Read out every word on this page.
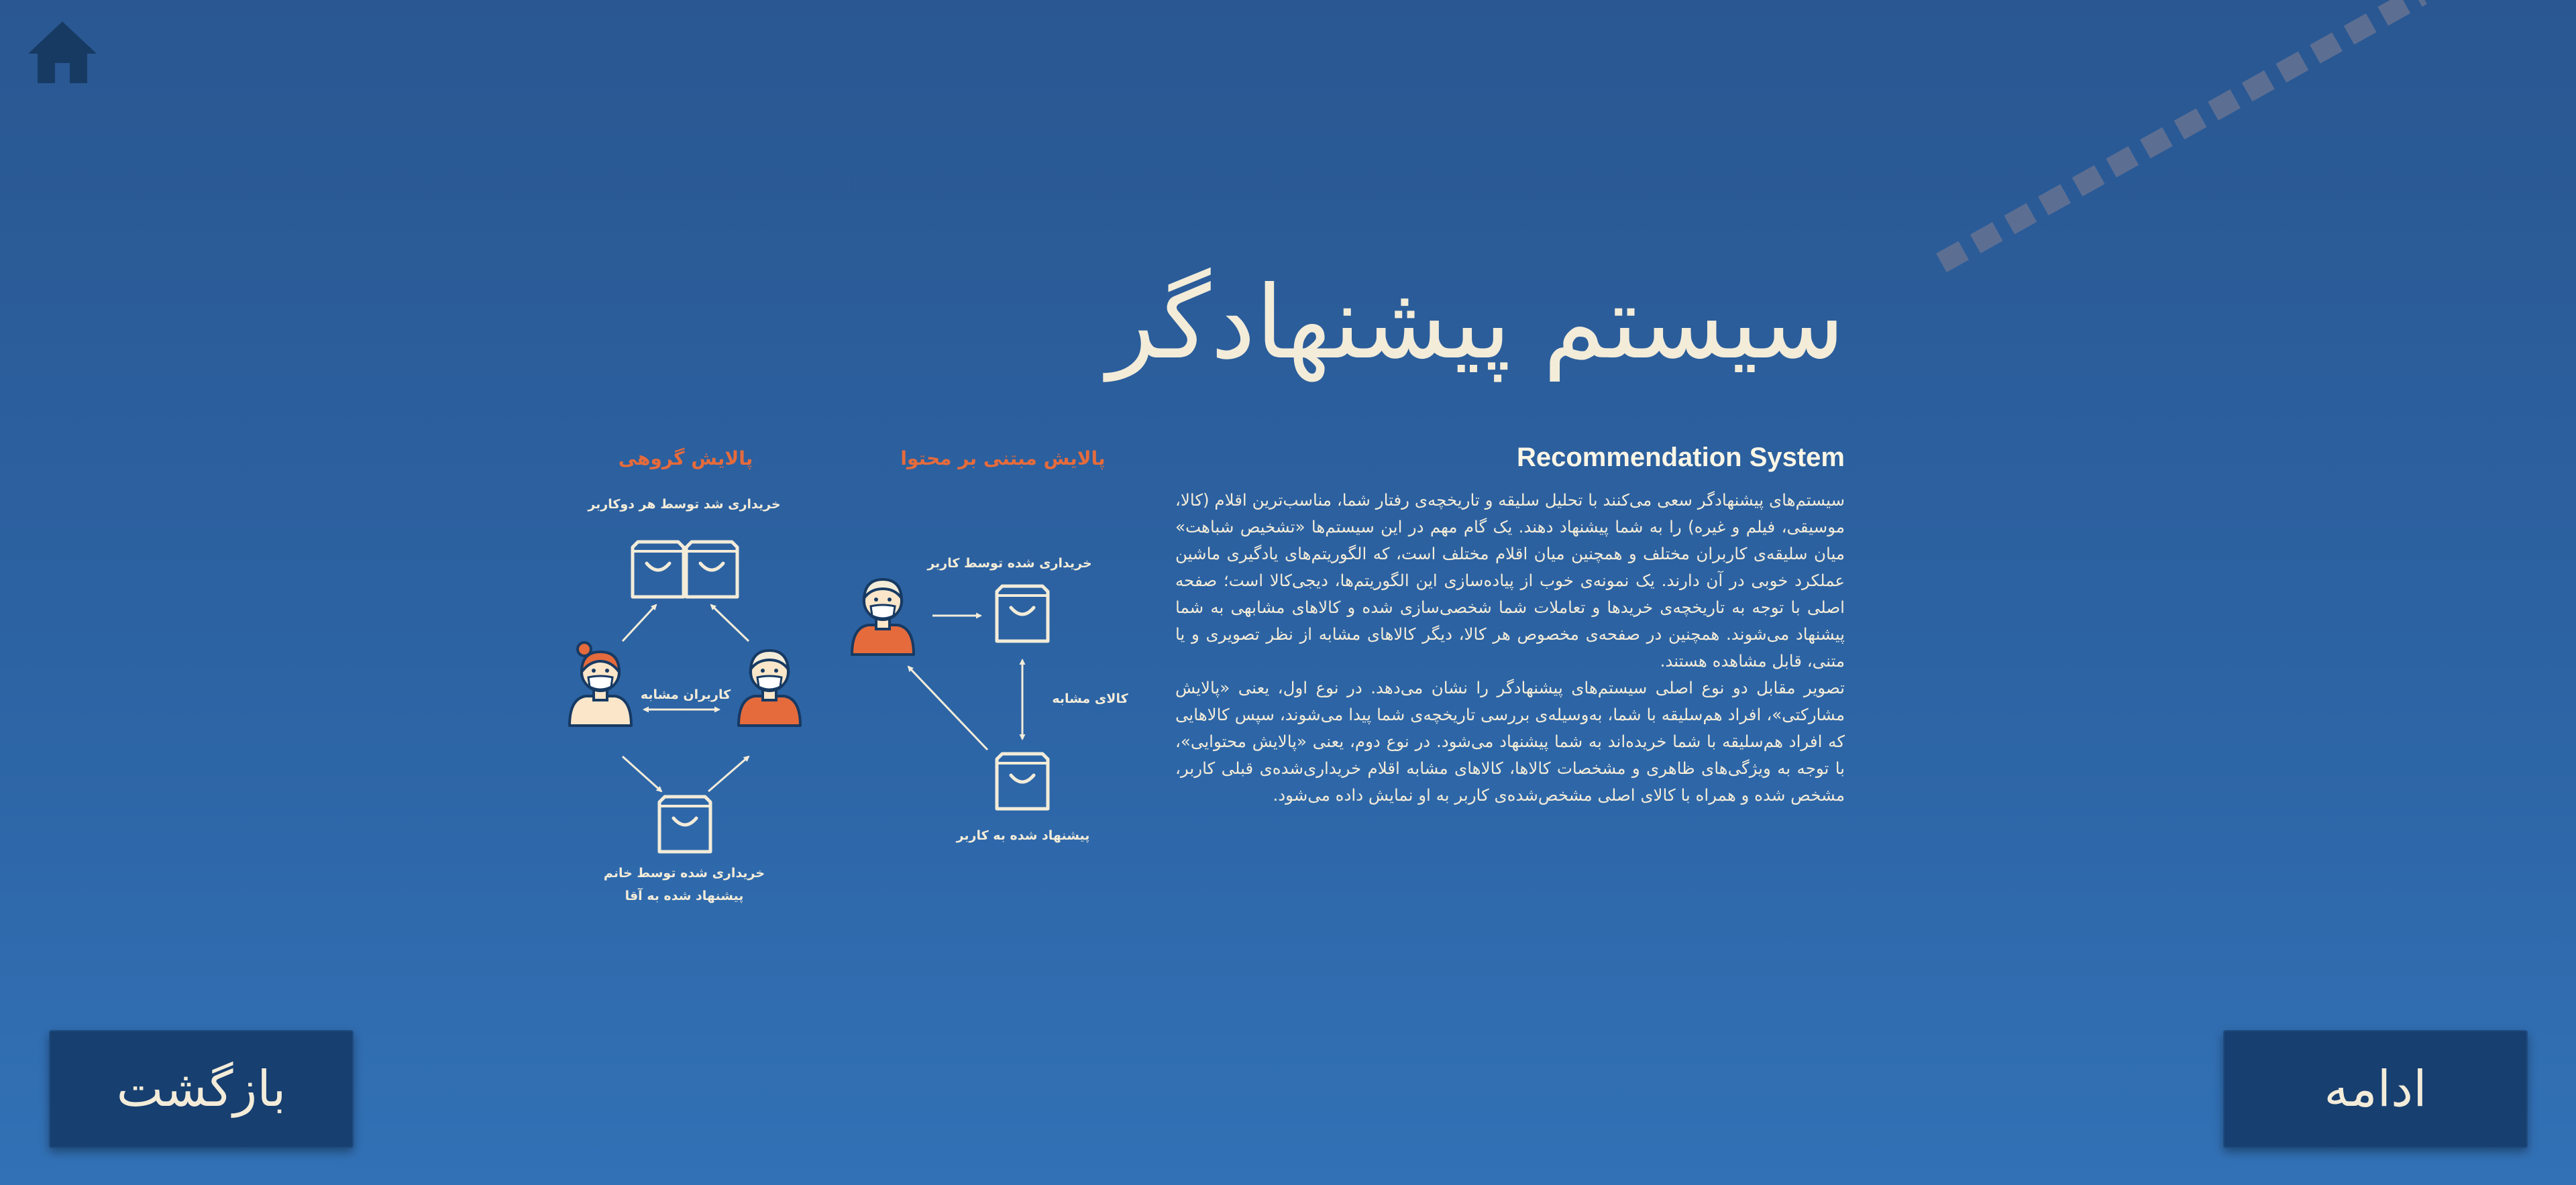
سیستم پیشنهادگر
Recommendation System

سیستم‌های پیشنهادگر سعی می‌کنند با تحلیل سلیقه و تاریخچه‌ی رفتار شما، مناسب‌ترین اقلام (کالا، موسیقی، فیلم و غیره) را به شما پیشنهاد دهند. یک گام مهم در این سیستم‌ها «تشخیص شباهت» میان سلیقه‌ی کاربران مختلف و همچنین میان اقلام مختلف است، که الگوریتم‌های یادگیری ماشین عملکرد خوبی در آن دارند. یک نمونه‌ی خوب از پیاده‌سازی این الگوریتم‌ها، دیجی‌کالا است؛ صفحه اصلی با توجه به تاریخچه‌ی خریدها و تعاملات شما شخصی‌سازی شده و کالاهای مشابهی به شما پیشنهاد می‌شوند. همچنین در صفحه‌ی مخصوص هر کالا، دیگر کالاهای مشابه از نظر تصویری و یا متنی، قابل مشاهده هستند.

تصویر مقابل دو نوع اصلی سیستم‌های پیشنهادگر را نشان می‌دهد. در نوع اول، یعنی «پالایش مشارکتی»، افراد هم‌سلیقه با شما، به‌وسیله‌ی بررسی تاریخچه‌ی شما پیدا می‌شوند، سپس کالاهایی که افراد هم‌سلیقه با شما خریده‌اند به شما پیشنهاد می‌شود. در نوع دوم، یعنی «پالایش محتوایی»، با توجه به ویژگی‌های ظاهری و مشخصات کالاها، کالاهای مشابه اقلام خریداری‌شده‌ی قبلی کاربر، مشخص شده و همراه با کالای اصلی مشخص‌شده‌ی کاربر به او نمایش داده می‌شود.

پالایش گروهی
خریداری شد توسط هر دوکاربر
کاربران مشابه
خریداری شده توسط خانم
پیشنهاد شده به آقا
پالایش مبتنی بر محتوا
خریداری شده توسط کاربر
کالای مشابه
پیشنهاد شده به کاربر
بازگشت	ادامه
